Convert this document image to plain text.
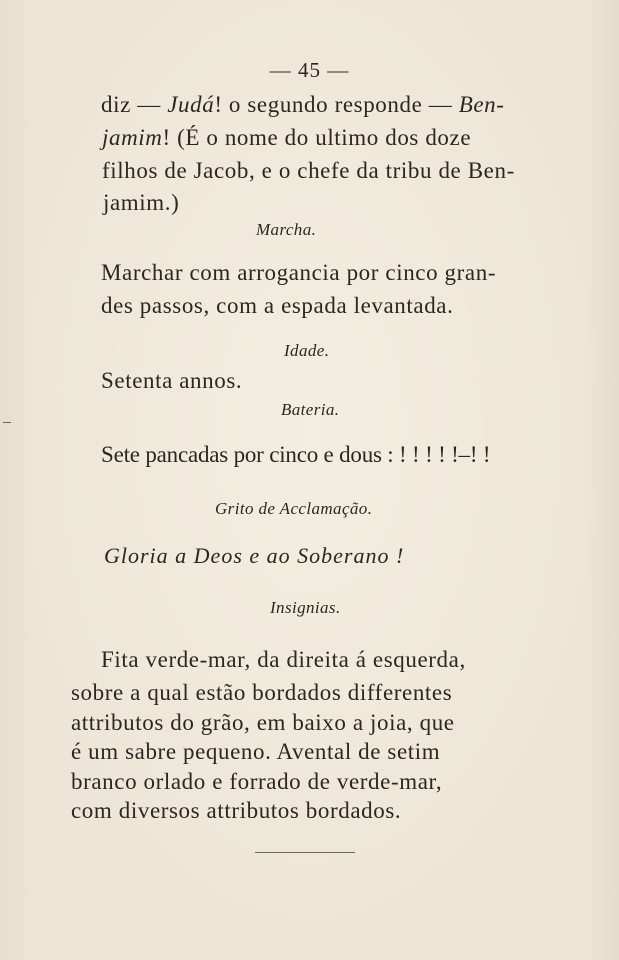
— 45 —
diz — Judá! o segundo responde — Ben-
jamim! (É o nome do ultimo dos doze
filhos de Jacob, e o chefe da tribu de Ben-
jamim.)
Marcha.
Marchar com arrogancia por cinco gran-
des passos, com a espada levantada.
Idade.
Setenta annos.
Bateria.
Sete pancadas por cinco e dous : ! ! ! ! !–! !
Grito de Acclamação.
Gloria a Deos e ao Soberano !
Insignias.
Fita verde-mar, da direita á esquerda,
sobre a qual estão bordados differentes
attributos do grão, em baixo a joia, que
é um sabre pequeno. Avental de setim
branco orlado e forrado de verde-mar,
com diversos attributos bordados.
